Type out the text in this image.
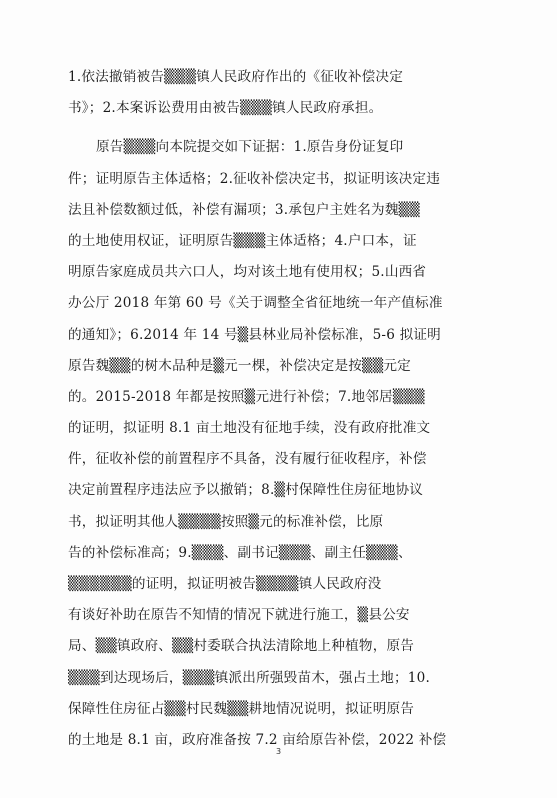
1.依法撤销被告▒▒▒镇人民政府作出的《征收补偿决定
书》；2.本案诉讼费用由被告▒▒▒镇人民政府承担。
原告▒▒▒向本院提交如下证据：1.原告身份证复印
件；证明原告主体适格；2.征收补偿决定书，拟证明该决定违
法且补偿数额过低，补偿有漏项；3.承包户主姓名为魏▒▒
的土地使用权证，证明原告▒▒▒主体适格；4.户口本，证
明原告家庭成员共六口人，均对该土地有使用权；5.山西省
办公厅 2018 年第 60 号《关于调整全省征地统一年产值标准
的通知》；6.2014 年 14 号▒县林业局补偿标准，5-6 拟证明
原告魏▒▒的树木品种是▒元一棵，补偿决定是按▒▒元定
的。2015-2018 年都是按照▒元进行补偿；7.地邻居▒▒▒
的证明，拟证明 8.1 亩土地没有征地手续，没有政府批准文
件，征收补偿的前置程序不具备，没有履行征收程序，补偿
决定前置程序违法应予以撤销；8.▒村保障性住房征地协议
书，拟证明其他人▒▒▒▒按照▒元的标准补偿，比原
告的补偿标准高；9.▒▒▒、副书记▒▒▒、副主任▒▒▒、
▒▒▒▒▒▒的证明，拟证明被告▒▒▒▒镇人民政府没
有谈好补助在原告不知情的情况下就进行施工，▒县公安
局、▒▒镇政府、▒▒村委联合执法清除地上种植物，原告
▒▒▒到达现场后，▒▒▒镇派出所强毁苗木，强占土地；10.
保障性住房征占▒▒村民魏▒▒耕地情况说明，拟证明原告
的土地是 8.1 亩，政府准备按 7.2 亩给原告补偿，2022 补偿
3
